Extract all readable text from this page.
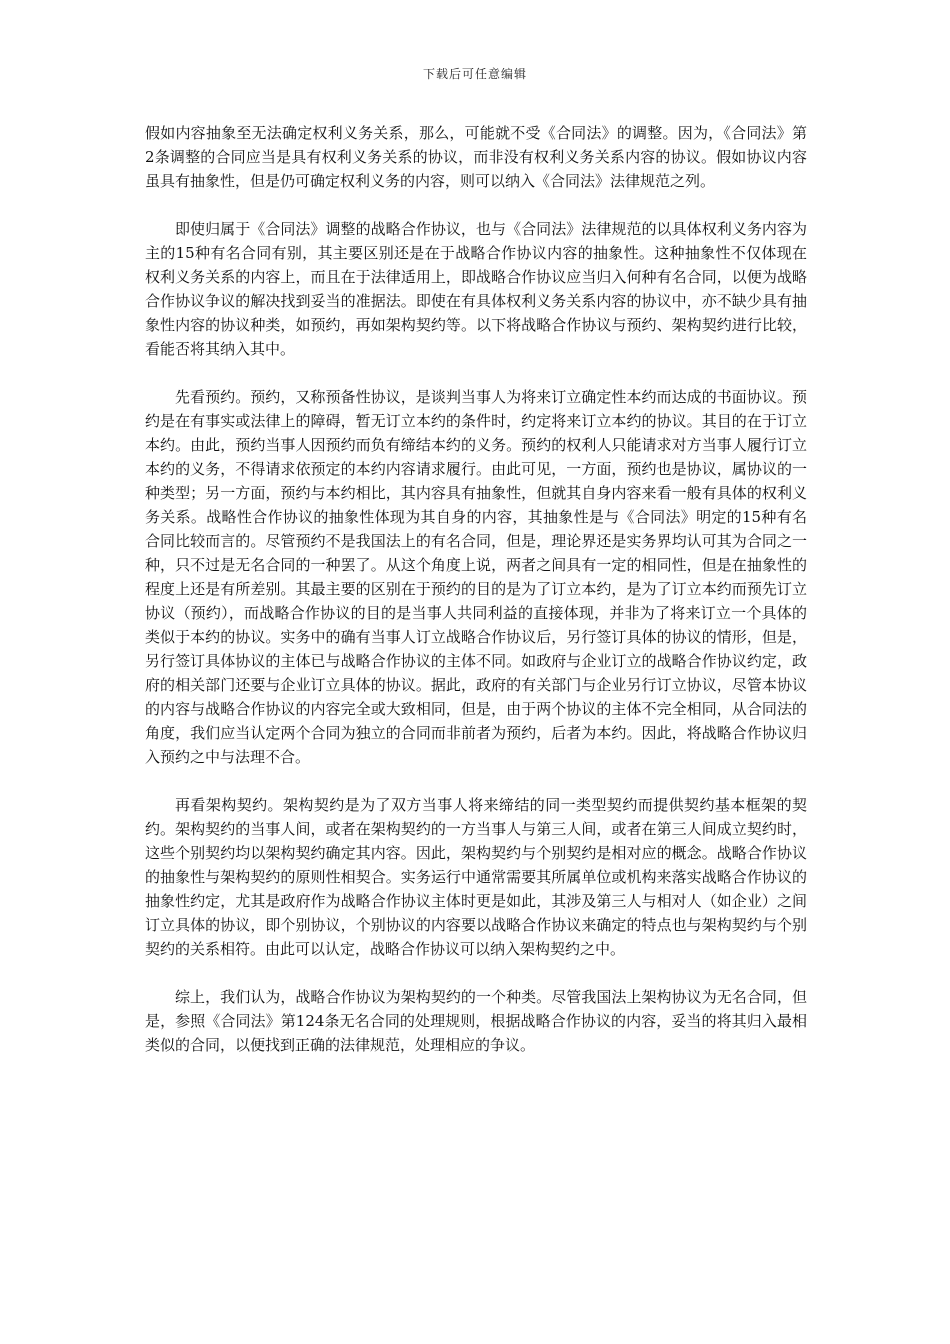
下载后可任意编辑

假如内容抽象至无法确定权利义务关系，那么，可能就不受《合同法》的调整。因为，《合同法》第2条调整的合同应当是具有权利义务关系的协议，而非没有权利义务关系内容的协议。假如协议内容虽具有抽象性，但是仍可确定权利义务的内容，则可以纳入《合同法》法律规范之列。

即使归属于《合同法》调整的战略合作协议，也与《合同法》法律规范的以具体权利义务内容为主的15种有名合同有别，其主要区别还是在于战略合作协议内容的抽象性。这种抽象性不仅体现在权利义务关系的内容上，而且在于法律适用上，即战略合作协议应当归入何种有名合同，以便为战略合作协议争议的解决找到妥当的准据法。即使在有具体权利义务关系内容的协议中，亦不缺少具有抽象性内容的协议种类，如预约，再如架构契约等。以下将战略合作协议与预约、架构契约进行比较，看能否将其纳入其中。

先看预约。预约，又称预备性协议，是谈判当事人为将来订立确定性本约而达成的书面协议。预约是在有事实或法律上的障碍，暂无订立本约的条件时，约定将来订立本约的协议。其目的在于订立本约。由此，预约当事人因预约而负有缔结本约的义务。预约的权利人只能请求对方当事人履行订立本约的义务，不得请求依预定的本约内容请求履行。由此可见，一方面，预约也是协议，属协议的一种类型；另一方面，预约与本约相比，其内容具有抽象性，但就其自身内容来看一般有具体的权利义务关系。战略性合作协议的抽象性体现为其自身的内容，其抽象性是与《合同法》明定的15种有名合同比较而言的。尽管预约不是我国法上的有名合同，但是，理论界还是实务界均认可其为合同之一种，只不过是无名合同的一种罢了。从这个角度上说，两者之间具有一定的相同性，但是在抽象性的程度上还是有所差别。其最主要的区别在于预约的目的是为了订立本约，是为了订立本约而预先订立协议（预约），而战略合作协议的目的是当事人共同利益的直接体现，并非为了将来订立一个具体的类似于本约的协议。实务中的确有当事人订立战略合作协议后，另行签订具体的协议的情形，但是，另行签订具体协议的主体已与战略合作协议的主体不同。如政府与企业订立的战略合作协议约定，政府的相关部门还要与企业订立具体的协议。据此，政府的有关部门与企业另行订立协议，尽管本协议的内容与战略合作协议的内容完全或大致相同，但是，由于两个协议的主体不完全相同，从合同法的角度，我们应当认定两个合同为独立的合同而非前者为预约，后者为本约。因此，将战略合作协议归入预约之中与法理不合。

再看架构契约。架构契约是为了双方当事人将来缔结的同一类型契约而提供契约基本框架的契约。架构契约的当事人间，或者在架构契约的一方当事人与第三人间，或者在第三人间成立契约时，这些个别契约均以架构契约确定其内容。因此，架构契约与个别契约是相对应的概念。战略合作协议的抽象性与架构契约的原则性相契合。实务运行中通常需要其所属单位或机构来落实战略合作协议的抽象性约定，尤其是政府作为战略合作协议主体时更是如此，其涉及第三人与相对人（如企业）之间订立具体的协议，即个别协议，个别协议的内容要以战略合作协议来确定的特点也与架构契约与个别契约的关系相符。由此可以认定，战略合作协议可以纳入架构契约之中。

综上，我们认为，战略合作协议为架构契约的一个种类。尽管我国法上架构协议为无名合同，但是，参照《合同法》第124条无名合同的处理规则，根据战略合作协议的内容，妥当的将其归入最相类似的合同，以便找到正确的法律规范，处理相应的争议。
